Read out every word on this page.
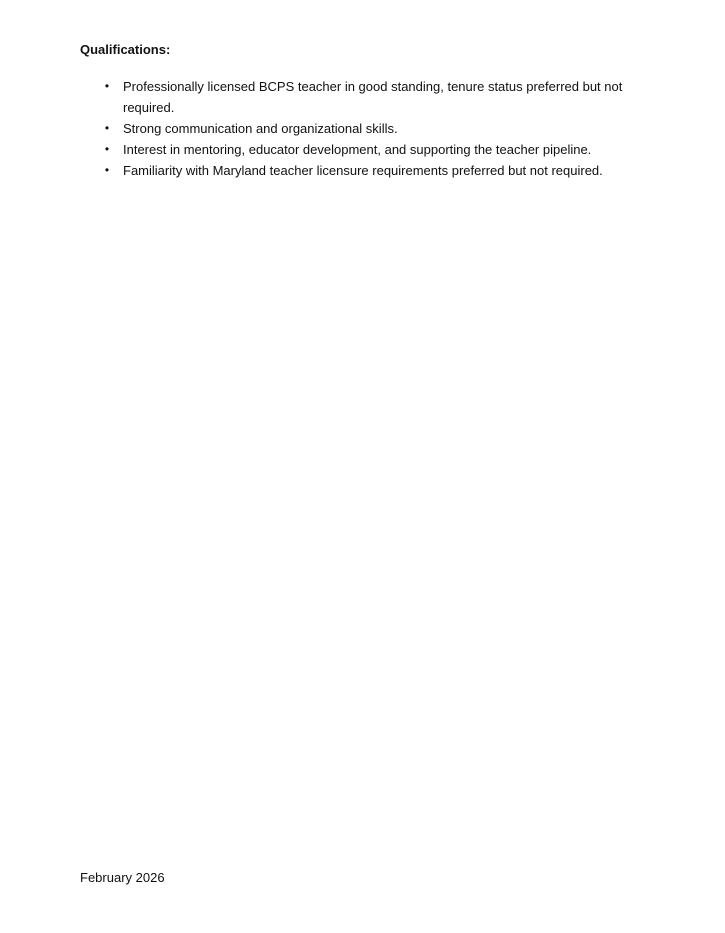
Qualifications:

• Professionally licensed BCPS teacher in good standing, tenure status preferred but not required.
• Strong communication and organizational skills.
• Interest in mentoring, educator development, and supporting the teacher pipeline.
• Familiarity with Maryland teacher licensure requirements preferred but not required.
February 2026
